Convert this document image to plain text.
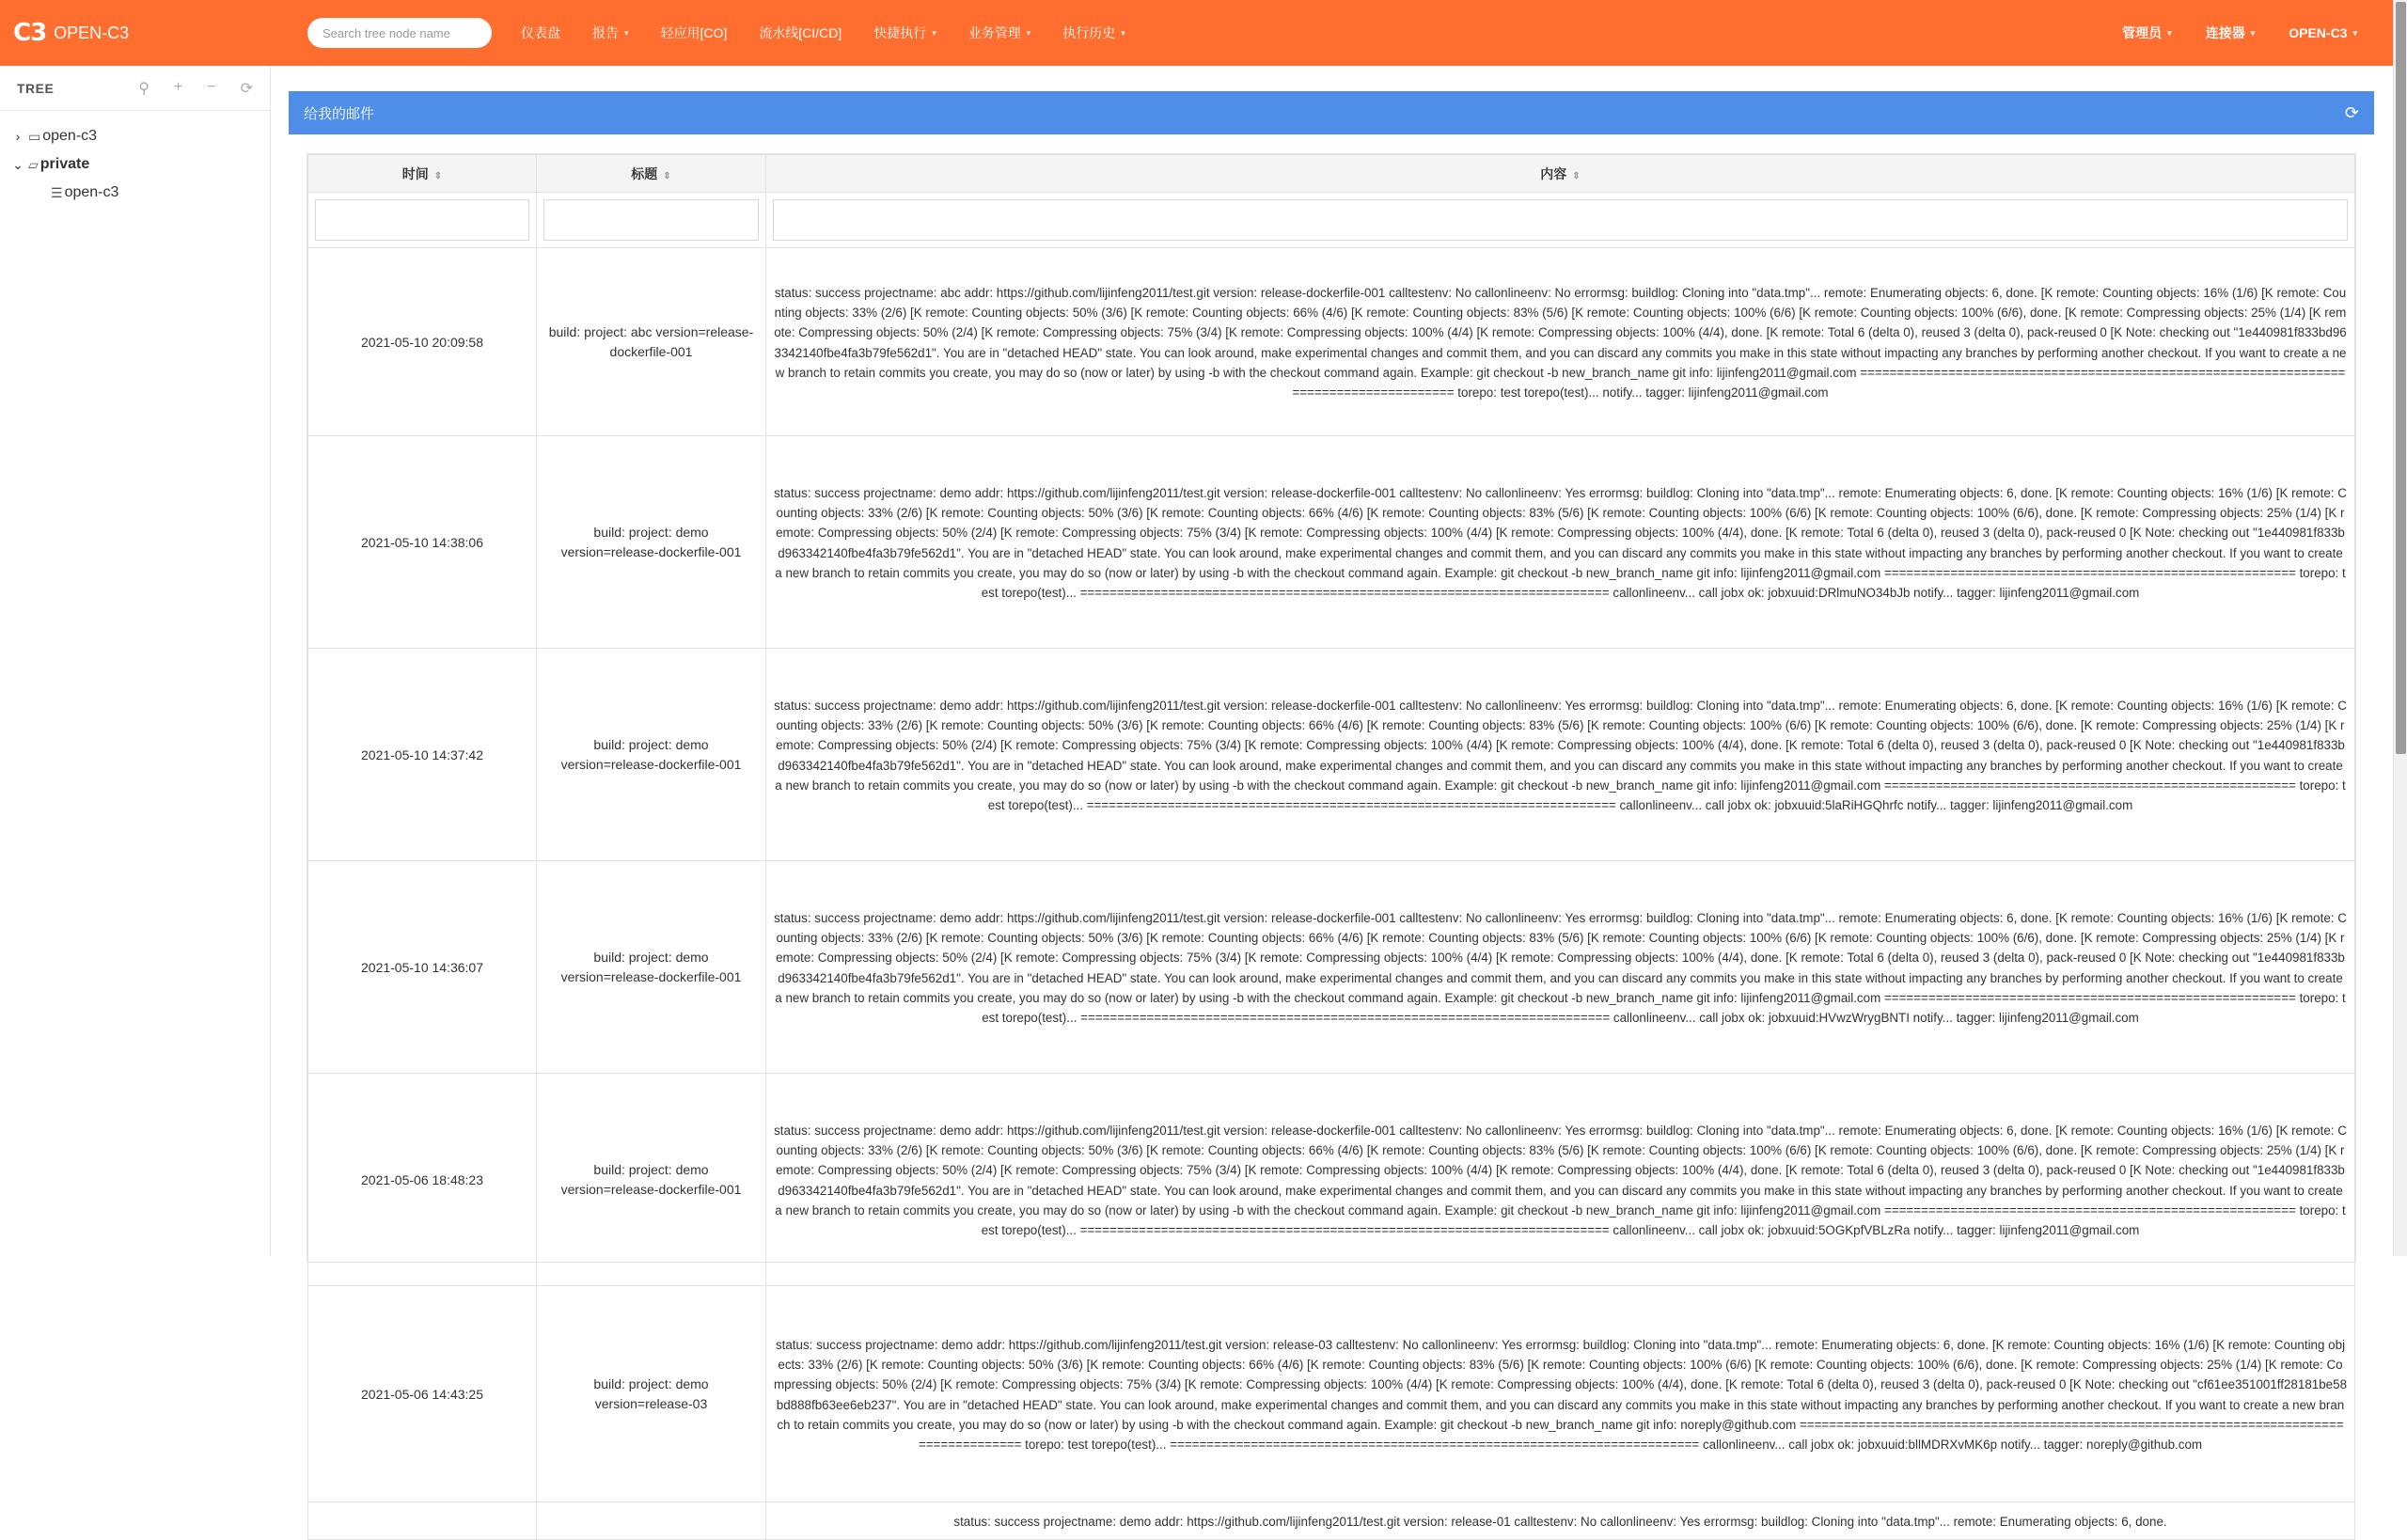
C3 OPEN-C3
Search tree node name	仪表盘 报告 ▾ 轻应用[CO] 流水线[CI/CD] 快捷执行 ▾ 业务管理 ▾ 执行历史 ▾	管理员 ▾	连接器 ▾	OPEN-C3 ▾
TREE	⚲ + − ⟳
› ▭ open-c3
⌄ ▱ private
☰ open-c3
给我的邮件	⟳
时间 ⇕	标题 ⇕	内容 ⇕

2021-05-10 20:09:58	build: project: abc version=release-dockerfile-001	status: success projectname: abc addr: https://github.com/lijinfeng2011/test.git version: release-dockerfile-001 calltestenv: No callonlineenv: No errormsg: buildlog: Cloning into "data.tmp"... remote: Enumerating objects: 6, done. [K remote: Counting objects: 16% (1/6) [K remote: Counting objects: 33% (2/6) [K remote: Counting objects: 50% (3/6) [K remote: Counting objects: 66% (4/6) [K remote: Counting objects: 83% (5/6) [K remote: Counting objects: 100% (6/6) [K remote: Counting objects: 100% (6/6), done. [K remote: Compressing objects: 25% (1/4) [K remote: Compressing objects: 50% (2/4) [K remote: Compressing objects: 75% (3/4) [K remote: Compressing objects: 100% (4/4) [K remote: Compressing objects: 100% (4/4), done. [K remote: Total 6 (delta 0), reused 3 (delta 0), pack-reused 0 [K Note: checking out "1e440981f833bd963342140fbe4fa3b79fe562d1". You are in "detached HEAD" state. You can look around, make experimental changes and commit them, and you can discard any commits you make in this state without impacting any branches by performing another checkout. If you want to create a new branch to retain commits you create, you may do so (now or later) by using -b with the checkout command again. Example: git checkout -b new_branch_name git info: lijinfeng2011@gmail.com ======================================================================================== torepo: test torepo(test)... notify... tagger: lijinfeng2011@gmail.com
2021-05-10 14:38:06	build: project: demo version=release-dockerfile-001	status: success projectname: demo addr: https://github.com/lijinfeng2011/test.git version: release-dockerfile-001 calltestenv: No callonlineenv: Yes errormsg: buildlog: Cloning into "data.tmp"... remote: Enumerating objects: 6, done. [K remote: Counting objects: 16% (1/6) [K remote: Counting objects: 33% (2/6) [K remote: Counting objects: 50% (3/6) [K remote: Counting objects: 66% (4/6) [K remote: Counting objects: 83% (5/6) [K remote: Counting objects: 100% (6/6) [K remote: Counting objects: 100% (6/6), done. [K remote: Compressing objects: 25% (1/4) [K remote: Compressing objects: 50% (2/4) [K remote: Compressing objects: 75% (3/4) [K remote: Compressing objects: 100% (4/4) [K remote: Compressing objects: 100% (4/4), done. [K remote: Total 6 (delta 0), reused 3 (delta 0), pack-reused 0 [K Note: checking out "1e440981f833bd963342140fbe4fa3b79fe562d1". You are in "detached HEAD" state. You can look around, make experimental changes and commit them, and you can discard any commits you make in this state without impacting any branches by performing another checkout. If you want to create a new branch to retain commits you create, you may do so (now or later) by using -b with the checkout command again. Example: git checkout -b new_branch_name git info: lijinfeng2011@gmail.com ======================================================== torepo: test torepo(test)... ======================================================================== callonlineenv... call jobx ok: jobxuuid:DRlmuNO34bJb notify... tagger: lijinfeng2011@gmail.com
2021-05-10 14:37:42	build: project: demo version=release-dockerfile-001	status: success projectname: demo addr: https://github.com/lijinfeng2011/test.git version: release-dockerfile-001 calltestenv: No callonlineenv: Yes errormsg: buildlog: Cloning into "data.tmp"... remote: Enumerating objects: 6, done. [K remote: Counting objects: 16% (1/6) [K remote: Counting objects: 33% (2/6) [K remote: Counting objects: 50% (3/6) [K remote: Counting objects: 66% (4/6) [K remote: Counting objects: 83% (5/6) [K remote: Counting objects: 100% (6/6) [K remote: Counting objects: 100% (6/6), done. [K remote: Compressing objects: 25% (1/4) [K remote: Compressing objects: 50% (2/4) [K remote: Compressing objects: 75% (3/4) [K remote: Compressing objects: 100% (4/4) [K remote: Compressing objects: 100% (4/4), done. [K remote: Total 6 (delta 0), reused 3 (delta 0), pack-reused 0 [K Note: checking out "1e440981f833bd963342140fbe4fa3b79fe562d1". You are in "detached HEAD" state. You can look around, make experimental changes and commit them, and you can discard any commits you make in this state without impacting any branches by performing another checkout. If you want to create a new branch to retain commits you create, you may do so (now or later) by using -b with the checkout command again. Example: git checkout -b new_branch_name git info: lijinfeng2011@gmail.com ======================================================== torepo: test torepo(test)... ======================================================================== callonlineenv... call jobx ok: jobxuuid:5laRiHGQhrfc notify... tagger: lijinfeng2011@gmail.com
2021-05-10 14:36:07	build: project: demo version=release-dockerfile-001	status: success projectname: demo addr: https://github.com/lijinfeng2011/test.git version: release-dockerfile-001 calltestenv: No callonlineenv: Yes errormsg: buildlog: Cloning into "data.tmp"... remote: Enumerating objects: 6, done. [K remote: Counting objects: 16% (1/6) [K remote: Counting objects: 33% (2/6) [K remote: Counting objects: 50% (3/6) [K remote: Counting objects: 66% (4/6) [K remote: Counting objects: 83% (5/6) [K remote: Counting objects: 100% (6/6) [K remote: Counting objects: 100% (6/6), done. [K remote: Compressing objects: 25% (1/4) [K remote: Compressing objects: 50% (2/4) [K remote: Compressing objects: 75% (3/4) [K remote: Compressing objects: 100% (4/4) [K remote: Compressing objects: 100% (4/4), done. [K remote: Total 6 (delta 0), reused 3 (delta 0), pack-reused 0 [K Note: checking out "1e440981f833bd963342140fbe4fa3b79fe562d1". You are in "detached HEAD" state. You can look around, make experimental changes and commit them, and you can discard any commits you make in this state without impacting any branches by performing another checkout. If you want to create a new branch to retain commits you create, you may do so (now or later) by using -b with the checkout command again. Example: git checkout -b new_branch_name git info: lijinfeng2011@gmail.com ======================================================== torepo: test torepo(test)... ======================================================================== callonlineenv... call jobx ok: jobxuuid:HVwzWrygBNTI notify... tagger: lijinfeng2011@gmail.com
2021-05-06 18:48:23	build: project: demo version=release-dockerfile-001	status: success projectname: demo addr: https://github.com/lijinfeng2011/test.git version: release-dockerfile-001 calltestenv: No callonlineenv: Yes errormsg: buildlog: Cloning into "data.tmp"... remote: Enumerating objects: 6, done. [K remote: Counting objects: 16% (1/6) [K remote: Counting objects: 33% (2/6) [K remote: Counting objects: 50% (3/6) [K remote: Counting objects: 66% (4/6) [K remote: Counting objects: 83% (5/6) [K remote: Counting objects: 100% (6/6) [K remote: Counting objects: 100% (6/6), done. [K remote: Compressing objects: 25% (1/4) [K remote: Compressing objects: 50% (2/4) [K remote: Compressing objects: 75% (3/4) [K remote: Compressing objects: 100% (4/4) [K remote: Compressing objects: 100% (4/4), done. [K remote: Total 6 (delta 0), reused 3 (delta 0), pack-reused 0 [K Note: checking out "1e440981f833bd963342140fbe4fa3b79fe562d1". You are in "detached HEAD" state. You can look around, make experimental changes and commit them, and you can discard any commits you make in this state without impacting any branches by performing another checkout. If you want to create a new branch to retain commits you create, you may do so (now or later) by using -b with the checkout command again. Example: git checkout -b new_branch_name git info: lijinfeng2011@gmail.com ======================================================== torepo: test torepo(test)... ======================================================================== callonlineenv... call jobx ok: jobxuuid:5OGKpfVBLzRa notify... tagger: lijinfeng2011@gmail.com
2021-05-06 14:43:25	build: project: demo version=release-03	status: success projectname: demo addr: https://github.com/lijinfeng2011/test.git version: release-03 calltestenv: No callonlineenv: Yes errormsg: buildlog: Cloning into "data.tmp"... remote: Enumerating objects: 6, done. [K remote: Counting objects: 16% (1/6) [K remote: Counting objects: 33% (2/6) [K remote: Counting objects: 50% (3/6) [K remote: Counting objects: 66% (4/6) [K remote: Counting objects: 83% (5/6) [K remote: Counting objects: 100% (6/6) [K remote: Counting objects: 100% (6/6), done. [K remote: Compressing objects: 25% (1/4) [K remote: Compressing objects: 50% (2/4) [K remote: Compressing objects: 75% (3/4) [K remote: Compressing objects: 100% (4/4) [K remote: Compressing objects: 100% (4/4), done. [K remote: Total 6 (delta 0), reused 3 (delta 0), pack-reused 0 [K Note: checking out "cf61ee351001ff28181be58bd888fb63ee6eb237". You are in "detached HEAD" state. You can look around, make experimental changes and commit them, and you can discard any commits you make in this state without impacting any branches by performing another checkout. If you want to create a new branch to retain commits you create, you may do so (now or later) by using -b with the checkout command again. Example: git checkout -b new_branch_name git info: noreply@github.com ======================================================================================== torepo: test torepo(test)... ======================================================================== callonlineenv... call jobx ok: jobxuuid:bllMDRXvMK6p notify... tagger: noreply@github.com
		status: success projectname: demo addr: https://github.com/lijinfeng2011/test.git version: release-01 calltestenv: No callonlineenv: Yes errormsg: buildlog: Cloning into "data.tmp"... remote: Enumerating objects: 6, done.
